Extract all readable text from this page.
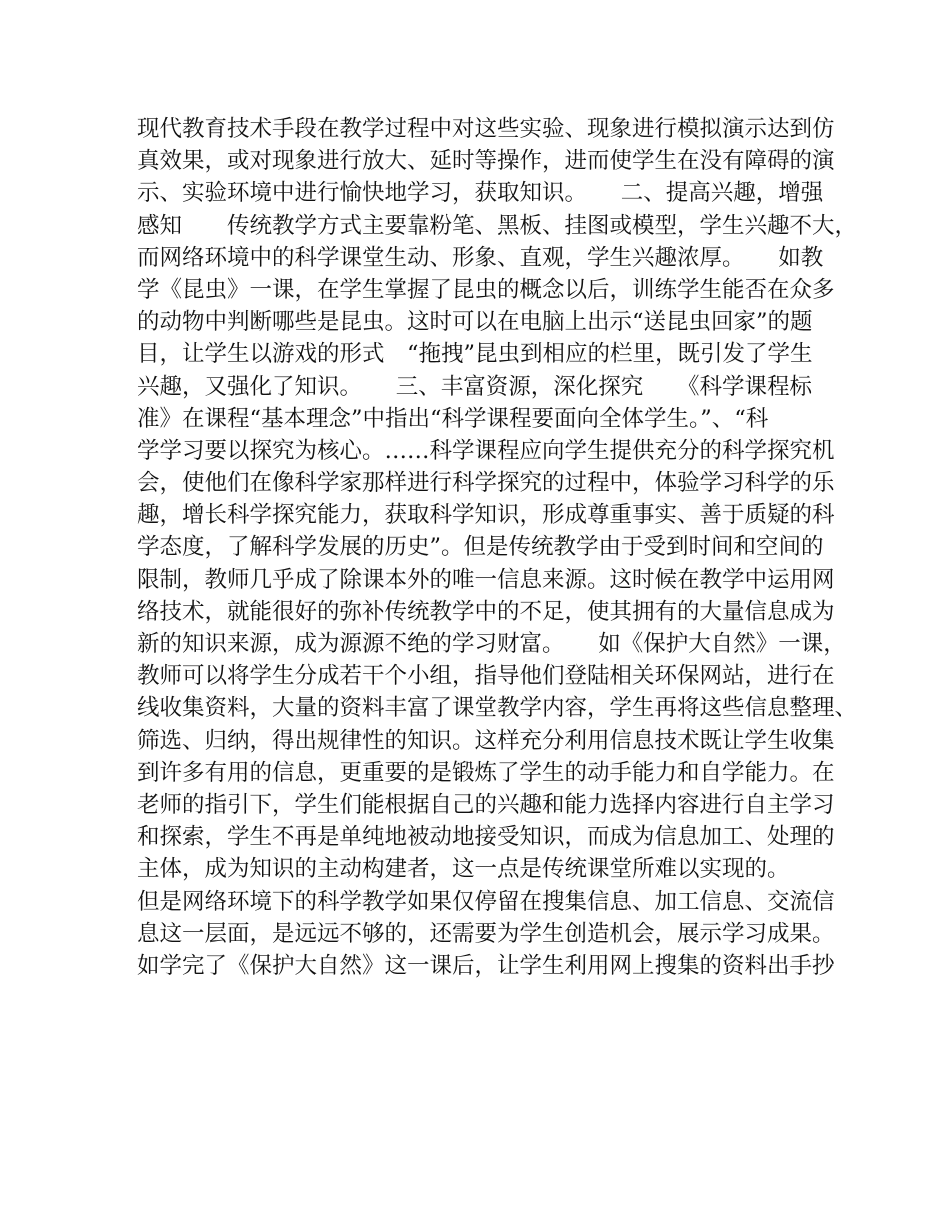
现代教育技术手段在教学过程中对这些实验、现象进行模拟演示达到仿
真效果，或对现象进行放大、延时等操作，进而使学生在没有障碍的演
示、实验环境中进行愉快地学习，获取知识。　　二、提高兴趣，增强
感知　　传统教学方式主要靠粉笔、黑板、挂图或模型，学生兴趣不大，
而网络环境中的科学课堂生动、形象、直观，学生兴趣浓厚。　　如教
学《昆虫》一课，在学生掌握了昆虫的概念以后，训练学生能否在众多
的动物中判断哪些是昆虫。这时可以在电脑上出示“送昆虫回家”的题
目，让学生以游戏的形式　“拖拽”昆虫到相应的栏里，既引发了学生
兴趣，又强化了知识。　　三、丰富资源，深化探究　　《科学课程标
准》在课程“基本理念”中指出“科学课程要面向全体学生。”、“科
学学习要以探究为核心。……科学课程应向学生提供充分的科学探究机
会，使他们在像科学家那样进行科学探究的过程中，体验学习科学的乐
趣，增长科学探究能力，获取科学知识，形成尊重事实、善于质疑的科
学态度，了解科学发展的历史”。但是传统教学由于受到时间和空间的
限制，教师几乎成了除课本外的唯一信息来源。这时候在教学中运用网
络技术，就能很好的弥补传统教学中的不足，使其拥有的大量信息成为
新的知识来源，成为源源不绝的学习财富。　　如《保护大自然》一课，
教师可以将学生分成若干个小组，指导他们登陆相关环保网站，进行在
线收集资料，大量的资料丰富了课堂教学内容，学生再将这些信息整理、
筛选、归纳，得出规律性的知识。这样充分利用信息技术既让学生收集
到许多有用的信息，更重要的是锻炼了学生的动手能力和自学能力。在
老师的指引下，学生们能根据自己的兴趣和能力选择内容进行自主学习
和探索，学生不再是单纯地被动地接受知识，而成为信息加工、处理的
主体，成为知识的主动构建者，这一点是传统课堂所难以实现的。　　
但是网络环境下的科学教学如果仅停留在搜集信息、加工信息、交流信
息这一层面，是远远不够的，还需要为学生创造机会，展示学习成果。
如学完了《保护大自然》这一课后，让学生利用网上搜集的资料出手抄
